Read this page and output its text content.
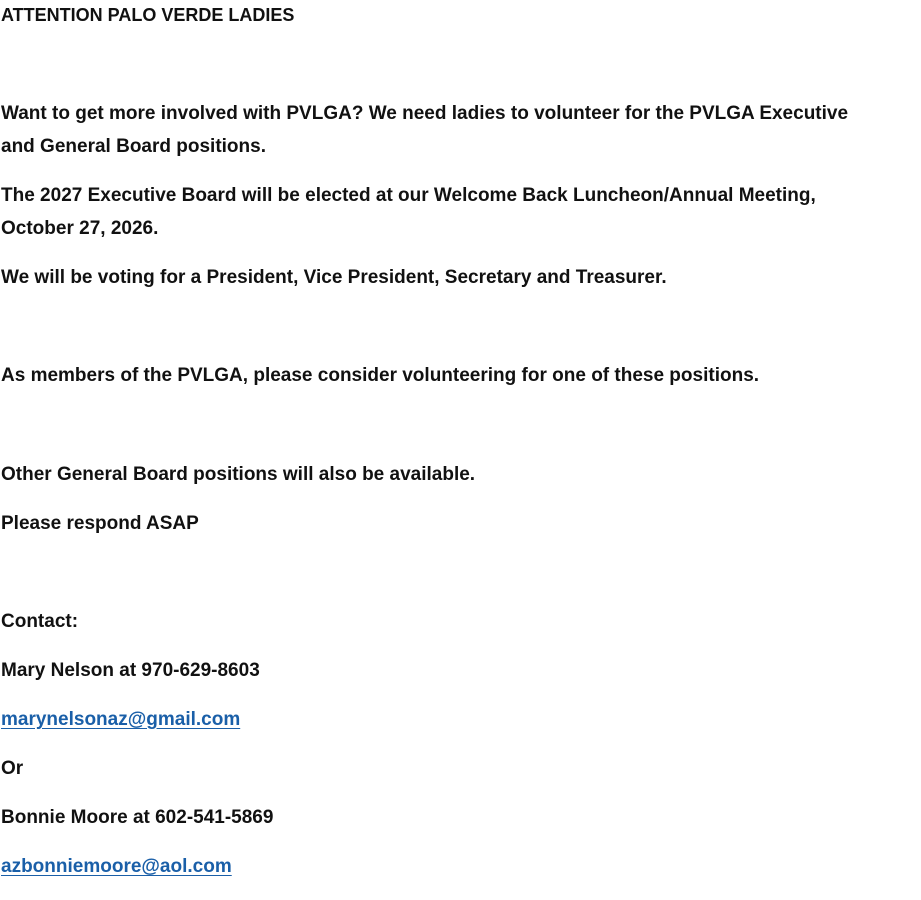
ATTENTION PALO VERDE LADIES

Want to get more involved with PVLGA? We need ladies to volunteer for the PVLGA Executive

and General Board positions.

The 2027 Executive Board will be elected at our Welcome Back Luncheon/Annual Meeting,

October 27, 2026.

We will be voting for a President, Vice President, Secretary and Treasurer.

As members of the PVLGA, please consider volunteering for one of these positions.

Other General Board positions will also be available.

Please respond ASAP

Contact:

Mary Nelson at 970-629-8603

marynelsonaz@gmail.com

Or

Bonnie Moore at 602-541-5869

azbonniemoore@aol.com
